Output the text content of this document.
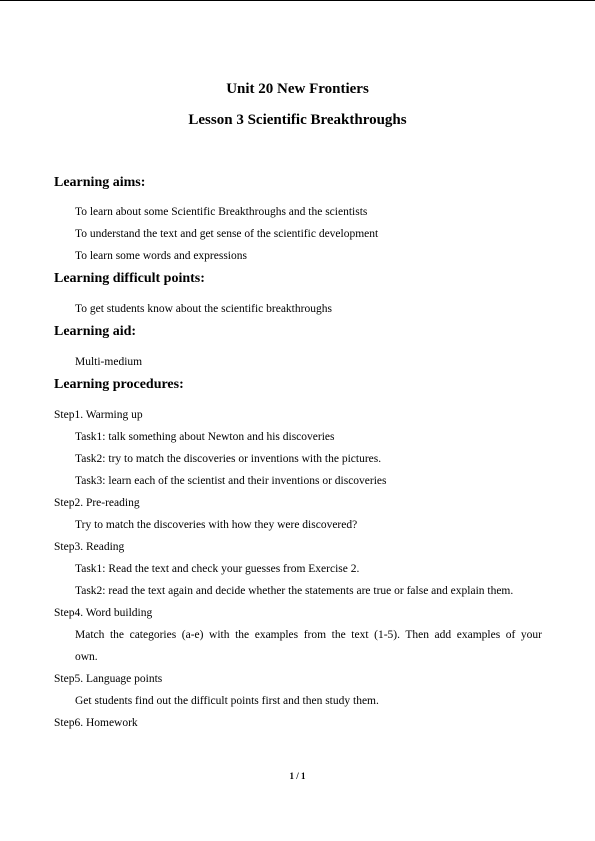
Unit 20 New Frontiers
Lesson 3 Scientific Breakthroughs
Learning aims:
To learn about some Scientific Breakthroughs and the scientists
To understand the text and get sense of the scientific development
To learn some words and expressions
Learning difficult points:
To get students know about the scientific breakthroughs
Learning aid:
Multi-medium
Learning procedures:
Step1. Warming up
Task1: talk something about Newton and his discoveries
Task2: try to match the discoveries or inventions with the pictures.
Task3: learn each of the scientist and their inventions or discoveries
Step2. Pre-reading
Try to match the discoveries with how they were discovered?
Step3. Reading
Task1: Read the text and check your guesses from Exercise 2.
Task2: read the text again and decide whether the statements are true or false and explain them.
Step4. Word building
Match the categories (a-e) with the examples from the text (1-5). Then add examples of your
own.
Step5. Language points
Get students find out the difficult points first and then study them.
Step6. Homework
1 / 1
